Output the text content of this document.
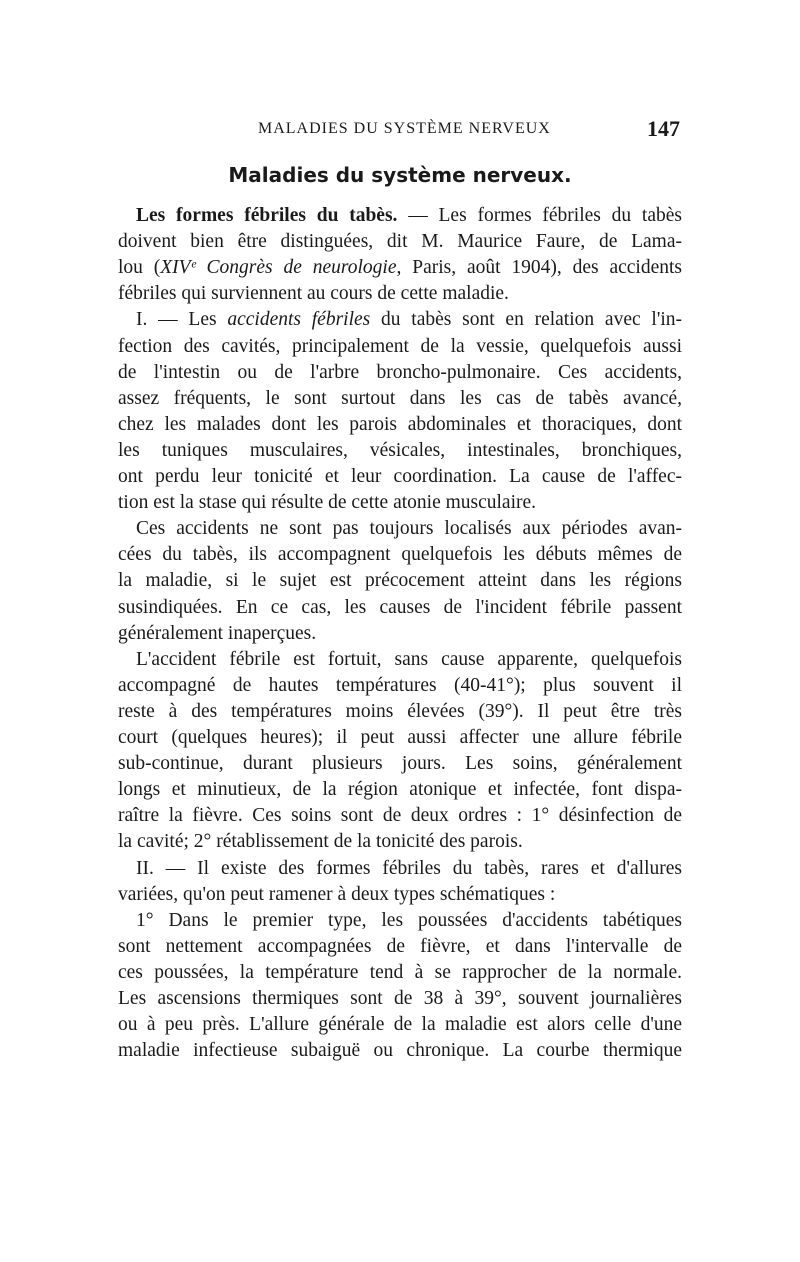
MALADIES DU SYSTÈME NERVEUX	147
Maladies du système nerveux.
Les formes fébriles du tabès. — Les formes fébriles du tabès
doivent bien être distinguées, dit M. Maurice Faure, de Lama-
lou (XIVᵉ Congrès de neurologie, Paris, août 1904), des accidents
fébriles qui surviennent au cours de cette maladie.
I. — Les accidents fébriles du tabès sont en relation avec l'in-
fection des cavités, principalement de la vessie, quelquefois aussi
de l'intestin ou de l'arbre broncho-pulmonaire. Ces accidents,
assez fréquents, le sont surtout dans les cas de tabès avancé,
chez les malades dont les parois abdominales et thoraciques, dont
les tuniques musculaires, vésicales, intestinales, bronchiques,
ont perdu leur tonicité et leur coordination. La cause de l'affec-
tion est la stase qui résulte de cette atonie musculaire.
Ces accidents ne sont pas toujours localisés aux périodes avan-
cées du tabès, ils accompagnent quelquefois les débuts mêmes de
la maladie, si le sujet est précocement atteint dans les régions
susindiquées. En ce cas, les causes de l'incident fébrile passent
généralement inaperçues.
L'accident fébrile est fortuit, sans cause apparente, quelquefois
accompagné de hautes températures (40-41°); plus souvent il
reste à des températures moins élevées (39°). Il peut être très
court (quelques heures); il peut aussi affecter une allure fébrile
sub-continue, durant plusieurs jours. Les soins, généralement
longs et minutieux, de la région atonique et infectée, font dispa-
raître la fièvre. Ces soins sont de deux ordres : 1° désinfection de
la cavité; 2° rétablissement de la tonicité des parois.
II. — Il existe des formes fébriles du tabès, rares et d'allures
variées, qu'on peut ramener à deux types schématiques :
1° Dans le premier type, les poussées d'accidents tabétiques
sont nettement accompagnées de fièvre, et dans l'intervalle de
ces poussées, la température tend à se rapprocher de la normale.
Les ascensions thermiques sont de 38 à 39°, souvent journalières
ou à peu près. L'allure générale de la maladie est alors celle d'une
maladie infectieuse subaiguë ou chronique. La courbe thermique
